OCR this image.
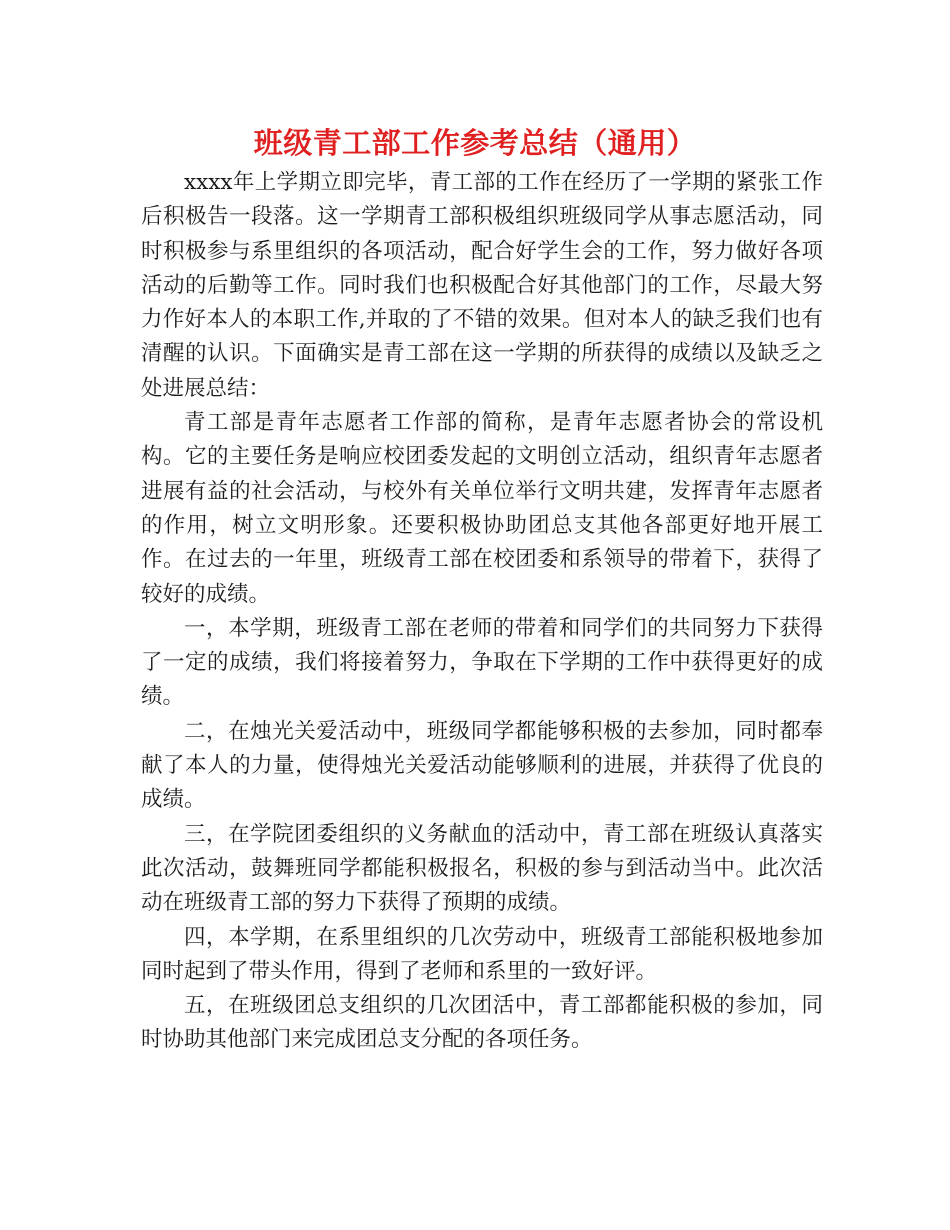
班级青工部工作参考总结（通用）

xxxx年上学期立即完毕，青工部的工作在经历了一学期的紧张工作后积极告一段落。这一学期青工部积极组织班级同学从事志愿活动，同时积极参与系里组织的各项活动，配合好学生会的工作，努力做好各项活动的后勤等工作。同时我们也积极配合好其他部门的工作，尽最大努力作好本人的本职工作,并取的了不错的效果。但对本人的缺乏我们也有清醒的认识。下面确实是青工部在这一学期的所获得的成绩以及缺乏之处进展总结：

青工部是青年志愿者工作部的简称，是青年志愿者协会的常设机构。它的主要任务是响应校团委发起的文明创立活动，组织青年志愿者进展有益的社会活动，与校外有关单位举行文明共建，发挥青年志愿者的作用，树立文明形象。还要积极协助团总支其他各部更好地开展工作。在过去的一年里，班级青工部在校团委和系领导的带着下，获得了较好的成绩。

一，本学期，班级青工部在老师的带着和同学们的共同努力下获得了一定的成绩，我们将接着努力，争取在下学期的工作中获得更好的成绩。

二，在烛光关爱活动中，班级同学都能够积极的去参加，同时都奉献了本人的力量，使得烛光关爱活动能够顺利的进展，并获得了优良的成绩。

三，在学院团委组织的义务献血的活动中，青工部在班级认真落实此次活动，鼓舞班同学都能积极报名，积极的参与到活动当中。此次活动在班级青工部的努力下获得了预期的成绩。

四，本学期，在系里组织的几次劳动中，班级青工部能积极地参加同时起到了带头作用，得到了老师和系里的一致好评。

五，在班级团总支组织的几次团活中，青工部都能积极的参加，同时协助其他部门来完成团总支分配的各项任务。
